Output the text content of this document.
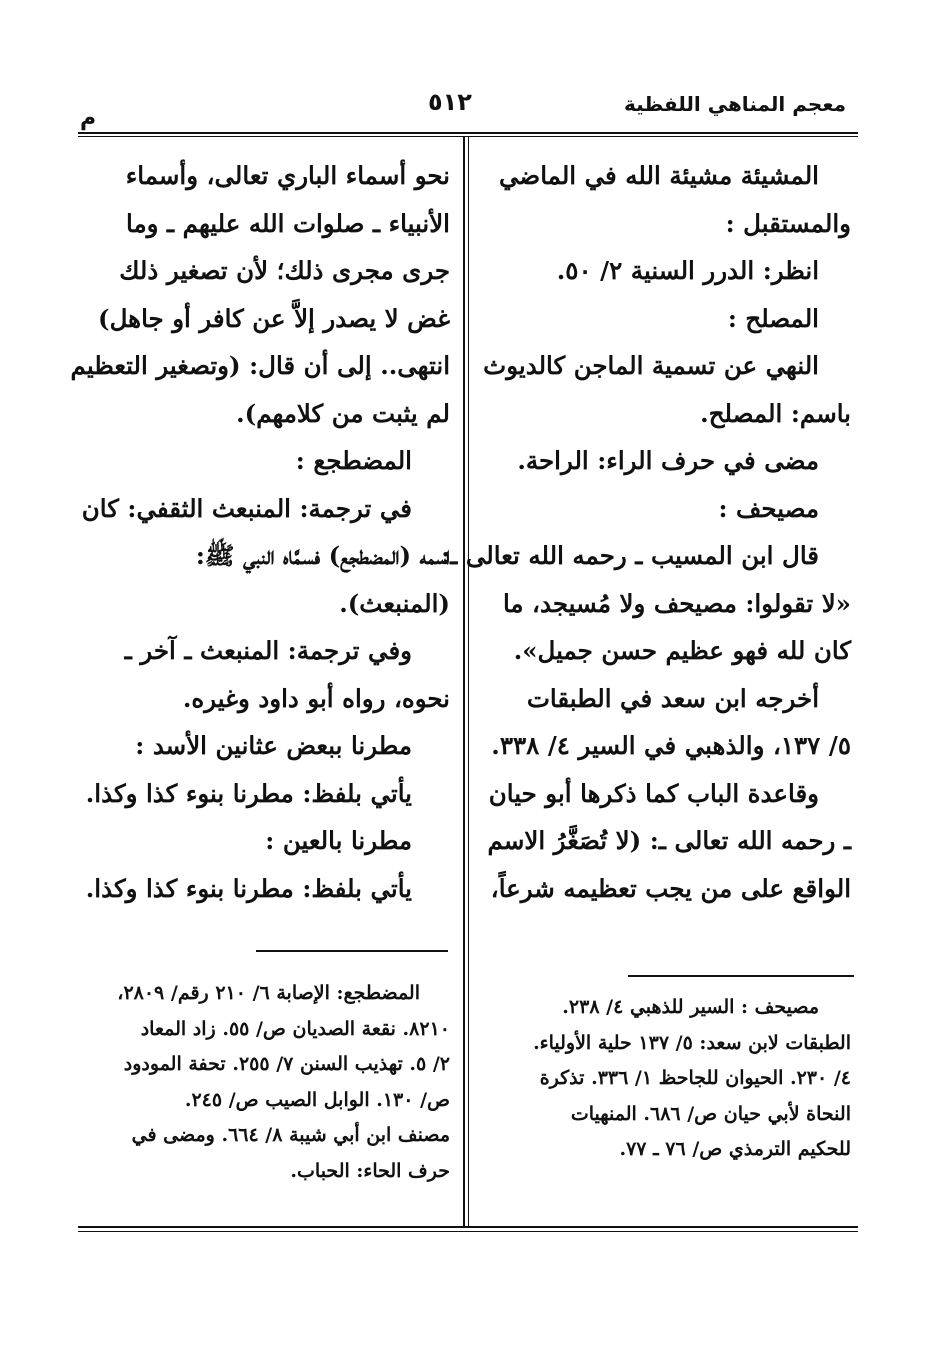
معجم المناهي اللفظية
٥١٢
م
المشيئة مشيئة الله في الماضي
والمستقبل :
انظر: الدرر السنية ٢/ ٥٠.
المصلح :
النهي عن تسمية الماجن كالديوث
باسم: المصلح.
مضى في حرف الراء: الراحة.
مصيحف :
قال ابن المسيب ـ رحمه الله تعالى ـ:
«لا تقولوا: مصيحف ولا مُسيجد، ما
كان لله فهو عظيم حسن جميل».
أخرجه ابن سعد في الطبقات
٥/ ١٣٧، والذهبي في السير ٤/ ٣٣٨.
وقاعدة الباب كما ذكرها أبو حيان
ـ رحمه الله تعالى ـ: (لا تُصَغَّرُ الاسم
الواقع على من يجب تعظيمه شرعاً،
نحو أسماء الباري تعالى، وأسماء
الأنبياء ـ صلوات الله عليهم ـ وما
جرى مجرى ذلك؛ لأن تصغير ذلك
غض لا يصدر إلاَّ عن كافر أو جاهل)
انتهى.. إلى أن قال: (وتصغير التعظيم
لم يثبت من كلامهم).
المضطجع :
في ترجمة: المنبعث الثقفي: كان
اسمه (المضطجع) فسمَّاه النبي ﷺ:
(المنبعث).
وفي ترجمة: المنبعث ـ آخر ـ
نحوه، رواه أبو داود وغيره.
مطرنا ببعض عثانين الأسد :
يأتي بلفظ: مطرنا بنوء كذا وكذا.
مطرنا بالعين :
يأتي بلفظ: مطرنا بنوء كذا وكذا.
مصيحف : السير للذهبي ٤/ ٢٣٨.
الطبقات لابن سعد: ٥/ ١٣٧ حلية الأولياء.
٤/ ٢٣٠. الحيوان للجاحظ ١/ ٣٣٦. تذكرة
النحاة لأبي حيان ص/ ٦٨٦. المنهيات
للحكيم الترمذي ص/ ٧٦ ـ ٧٧.
المضطجع: الإصابة ٦/ ٢١٠ رقم/ ٢٨٠٩،
٨٢١٠. نقعة الصديان ص/ ٥٥. زاد المعاد
٢/ ٥. تهذيب السنن ٧/ ٢٥٥. تحفة المودود
ص/ ١٣٠. الوابل الصيب ص/ ٢٤٥.
مصنف ابن أبي شيبة ٨/ ٦٦٤. ومضى في
حرف الحاء: الحباب.
